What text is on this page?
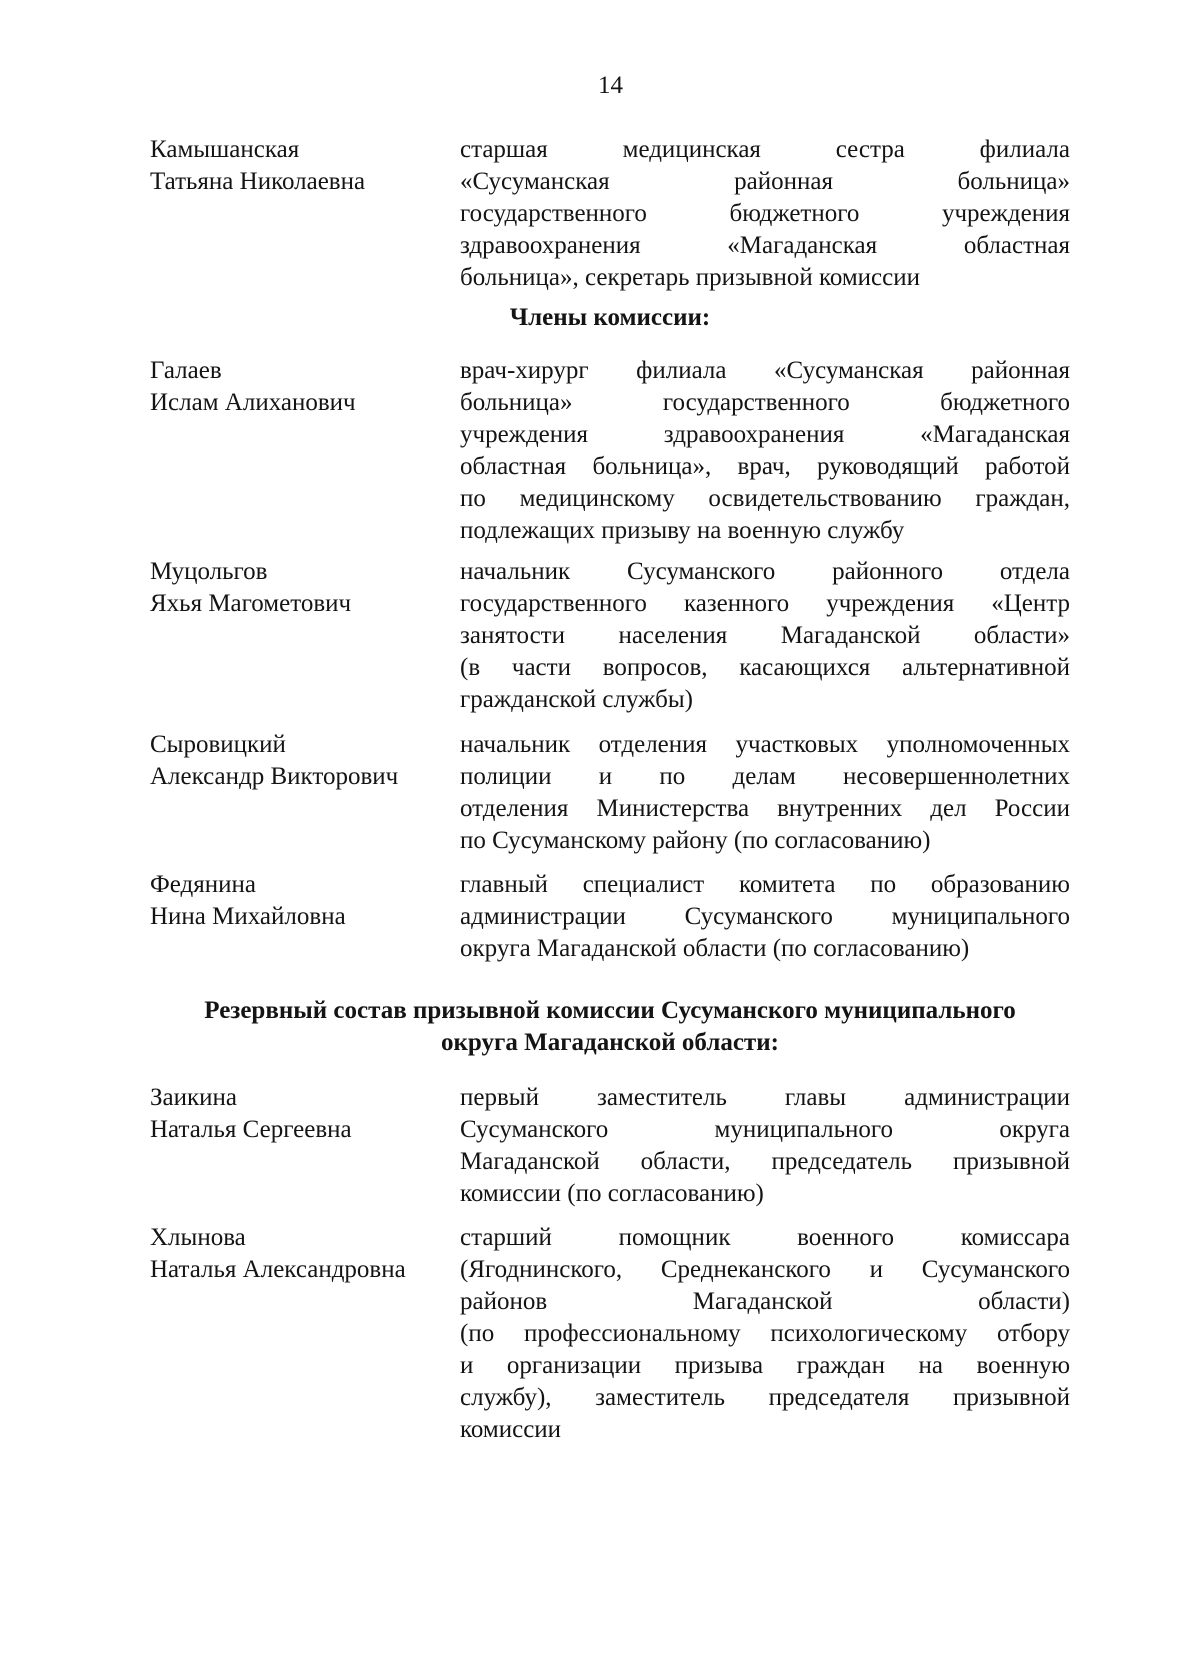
14
Камышанская
Татьяна Николаевна
старшая медицинская сестра филиала
«Сусуманская районная больница»
государственного бюджетного учреждения
здравоохранения «Магаданская областная
больница», секретарь призывной комиссии
Члены комиссии:
Галаев
Ислам Алиханович
врач-хирург филиала «Сусуманская районная
больница» государственного бюджетного
учреждения здравоохранения «Магаданская
областная больница», врач, руководящий работой
по медицинскому освидетельствованию граждан,
подлежащих призыву на военную службу
Муцольгов
Яхья Магометович
начальник Сусуманского районного отдела
государственного казенного учреждения «Центр
занятости населения Магаданской области»
(в части вопросов, касающихся альтернативной
гражданской службы)
Сыровицкий
Александр Викторович
начальник отделения участковых уполномоченных
полиции и по делам несовершеннолетних
отделения Министерства внутренних дел России
по Сусуманскому району (по согласованию)
Федянина
Нина Михайловна
главный специалист комитета по образованию
администрации Сусуманского муниципального
округа Магаданской области (по согласованию)
Резервный состав призывной комиссии Сусуманского муниципального
округа Магаданской области:
Заикина
Наталья Сергеевна
первый заместитель главы администрации
Сусуманского муниципального округа
Магаданской области, председатель призывной
комиссии (по согласованию)
Хлынова
Наталья Александровна
старший помощник военного комиссара
(Ягоднинского, Среднеканского и Сусуманского
районов Магаданской области)
(по профессиональному психологическому отбору
и организации призыва граждан на военную
службу), заместитель председателя призывной
комиссии
